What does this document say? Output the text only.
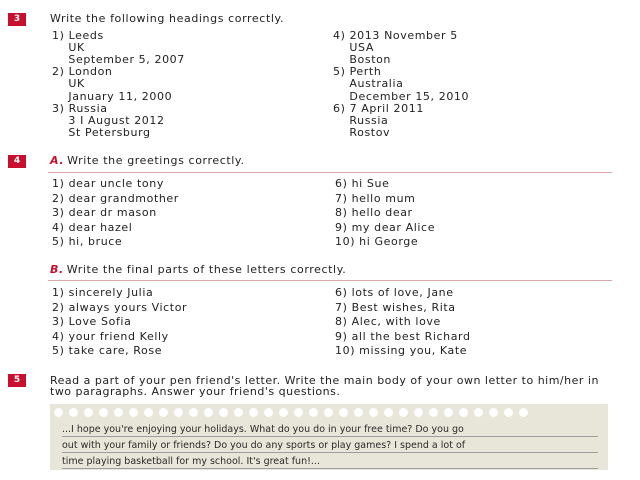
3	Write the following headings correctly.
1) Leeds
UK
September 5, 2007
2) London
UK
January 11, 2000
3) Russia
3 I August 2012
St Petersburg
4) 2013 November 5
USA
Boston
5) Perth
Australia
December 15, 2010
6) 7 April 2011
Russia
Rostov
4	A. Write the greetings correctly.
1) dear uncle tony
2) dear grandmother
3) dear dr mason
4) dear hazel
5) hi, bruce
6) hi Sue
7) hello mum
8) hello dear
9) my dear Alice
10) hi George
B. Write the final parts of these letters correctly.
1) sincerely Julia
2) always yours Victor
3) Love Sofia
4) your friend Kelly
5) take care, Rose
6) lots of love, Jane
7) Best wishes, Rita
8) Alec, with love
9) all the best Richard
10) missing you, Kate
5	Read a part of your pen friend's letter. Write the main body of your own letter to him/her in two paragraphs. Answer your friend's questions.
...I hope you're enjoying your holidays. What do you do in your free time? Do you go
out with your family or friends? Do you do any sports or play games? I spend a lot of
time playing basketball for my school. It's great fun!...
